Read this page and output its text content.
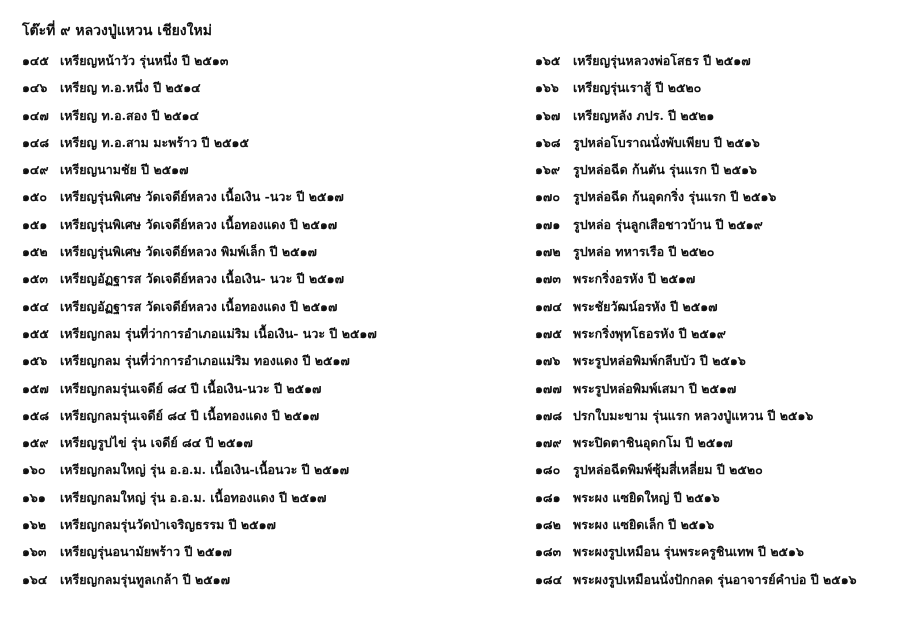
โต๊ะที่ ๙ หลวงปู่แหวน เชียงใหม่
๑๔๕ เหรียญหน้าวัว รุ่นหนึ่ง ปี ๒๕๑๓
๑๔๖	เหรียญ ท.อ.หนึ่ง ปี ๒๕๑๔
๑๔๗ เหรียญ ท.อ.สอง ปี ๒๕๑๔
๑๔๘ เหรียญ ท.อ.สาม มะพร้าว ปี ๒๕๑๕
๑๔๙ เหรียญนามชัย ปี ๒๕๑๗
๑๕๐	เหรียญรุ่นพิเศษ วัดเจดีย์หลวง เนื้อเงิน -นวะ ปี ๒๕๑๗
๑๕๑	เหรียญรุ่นพิเศษ วัดเจดีย์หลวง เนื้อทองแดง ปี ๒๕๑๗
๑๕๒ เหรียญรุ่นพิเศษ วัดเจดีย์หลวง พิมพ์เล็ก ปี ๒๕๑๗
๑๕๓ เหรียญอัฏฐารส วัดเจดีย์หลวง เนื้อเงิน- นวะ ปี ๒๕๑๗
๑๕๔ เหรียญอัฏฐารส วัดเจดีย์หลวง เนื้อทองแดง ปี ๒๕๑๗
๑๕๕ เหรียญกลม รุ่นที่ว่าการอำเภอแม่ริม เนื้อเงิน- นวะ ปี ๒๕๑๗
๑๕๖	เหรียญกลม รุ่นที่ว่าการอำเภอแม่ริม ทองแดง ปี ๒๕๑๗
๑๕๗ เหรียญกลมรุ่นเจดีย์ ๘๔ ปี เนื้อเงิน-นวะ ปี ๒๕๑๗
๑๕๘ เหรียญกลมรุ่นเจดีย์ ๘๔ ปี เนื้อทองแดง ปี ๒๕๑๗
๑๕๙ เหรียญรูปไข่ รุ่น เจดีย์ ๘๔ ปี ๒๕๑๗
๑๖๐	เหรียญกลมใหญ่ รุ่น อ.อ.ม. เนื้อเงิน-เนื้อนวะ ปี ๒๕๑๗
๑๖๑	เหรียญกลมใหญ่ รุ่น อ.อ.ม. เนื้อทองแดง ปี ๒๕๑๗
๑๖๒	เหรียญกลมรุ่นวัดป่าเจริญธรรม ปี ๒๕๑๗
๑๖๓	เหรียญรุ่นอนามัยพร้าว ปี ๒๕๑๗
๑๖๔	เหรียญกลมรุ่นทูลเกล้า ปี ๒๕๑๗
๑๖๕	เหรียญรุ่นหลวงพ่อโสธร ปี ๒๕๑๗
๑๖๖	เหรียญรุ่นเราสู้ ปี ๒๕๒๐
๑๖๗	เหรียญหลัง ภปร. ปี ๒๕๒๑
๑๖๘ รูปหล่อโบราณนั่งพับเพียบ ปี ๒๕๑๖
๑๖๙	รูปหล่อฉีด ก้นตัน รุ่นแรก ปี ๒๕๑๖
๑๗๐	รูปหล่อฉีด ก้นอุดกริ่ง รุ่นแรก ปี ๒๕๑๖
๑๗๑	รูปหล่อ รุ่นลูกเสือชาวบ้าน ปี ๒๕๑๙
๑๗๒ รูปหล่อ ทหารเรือ ปี ๒๕๒๐
๑๗๓ พระกริ่งอรหัง ปี ๒๕๑๗
๑๗๔ พระชัยวัฒน์อรหัง ปี ๒๕๑๗
๑๗๕ พระกริ่งพุทโธอรหัง ปี ๒๕๑๙
๑๗๖	พระรูปหล่อพิมพ์กลีบบัว ปี ๒๕๑๖
๑๗๗ พระรูปหล่อพิมพ์เสมา ปี ๒๕๑๗
๑๗๘ ปรกใบมะขาม รุ่นแรก หลวงปู่แหวน ปี ๒๕๑๖
๑๗๙ พระปิดตาชินอุดกโม ปี ๒๕๑๗
๑๘๐	รูปหล่อฉีดพิมพ์ซุ้มสี่เหลี่ยม ปี ๒๕๒๐
๑๘๑ พระผง แซยิดใหญ่ ปี ๒๕๑๖
๑๘๒ พระผง แซยิดเล็ก ปี ๒๕๑๖
๑๘๓ พระผงรูปเหมือน รุ่นพระครูชินเทพ ปี ๒๕๑๖
๑๘๔ พระผงรูปเหมือนนั่งปักกลด รุ่นอาจารย์คำบ่อ ปี ๒๕๑๖
